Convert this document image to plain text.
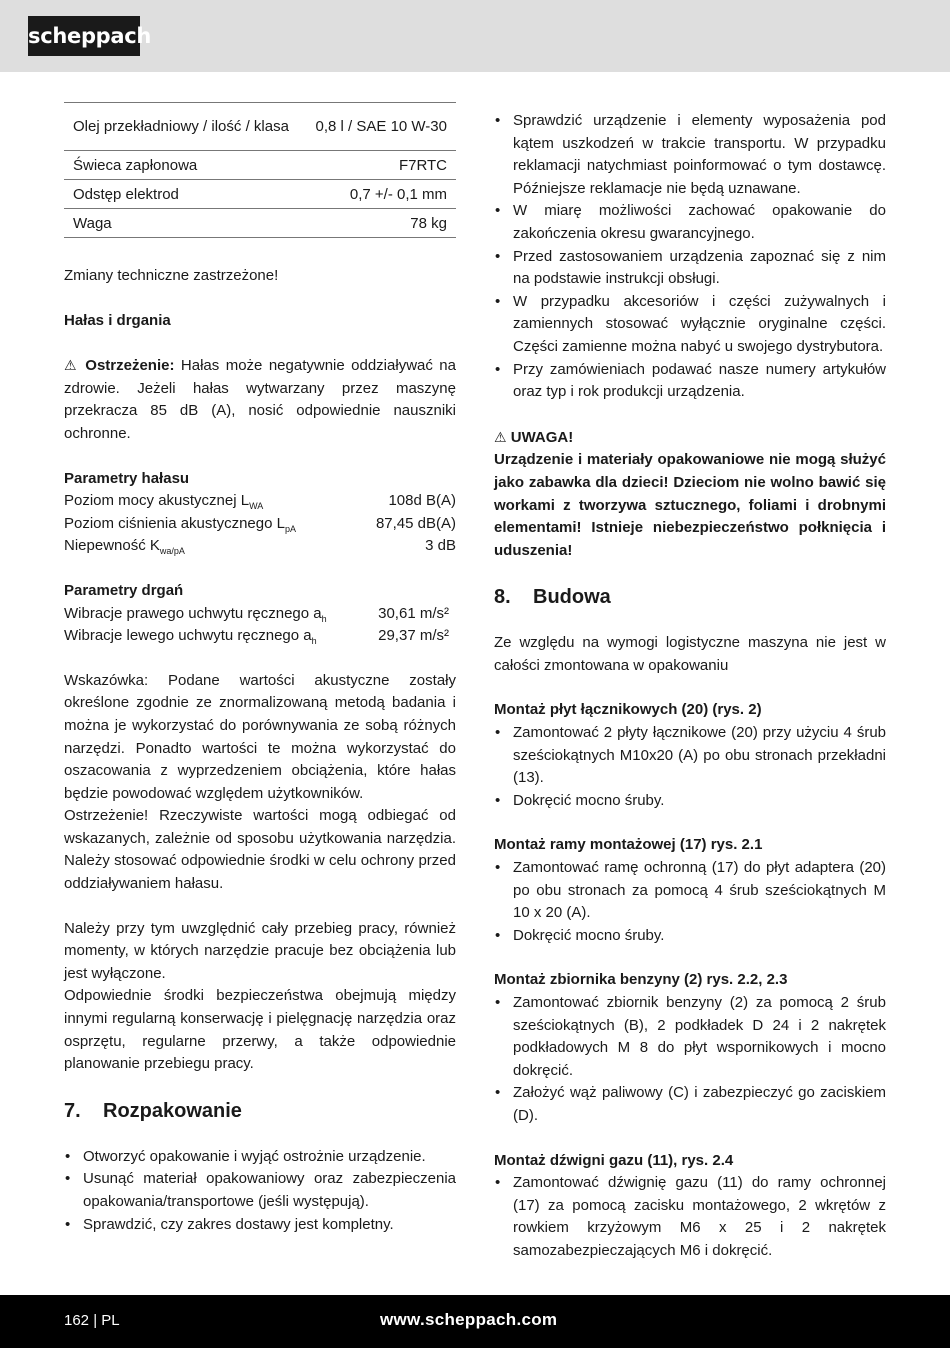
scheppach
Olej przekładniowy / ilość / klasa	0,8 l / SAE 10 W-30
Świeca zapłonowa	F7RTC
Odstęp elektrod	0,7 +/- 0,1 mm
Waga	78 kg

Zmiany techniczne zastrzeżone!

Hałas i drgania

⚠ Ostrzeżenie: Hałas może negatywnie oddziaływać na zdrowie. Jeżeli hałas wytwarzany przez maszynę przekracza 85 dB (A), nosić odpowiednie nauszniki ochronne.

Parametry hałasu

Poziom mocy akustycznej $L_{WA}$	108d B(A)
Poziom ciśnienia akustycznego $L_{pA}$	87,45 dB(A)
Niepewność $K_{wa/pA}$	3 dB

Parametry drgań

Wibracje prawego uchwytu ręcznego $a_h$	30,61 m/s²
Wibracje lewego uchwytu ręcznego $a_h$	29,37 m/s²

Wskazówka: Podane wartości akustyczne zostały określone zgodnie ze znormalizowaną metodą badania i można je wykorzystać do porównywania ze sobą różnych narzędzi. Ponadto wartości te można wykorzystać do oszacowania z wyprzedzeniem obciążenia, które hałas będzie powodować względem użytkowników.

Ostrzeżenie! Rzeczywiste wartości mogą odbiegać od wskazanych, zależnie od sposobu użytkowania narzędzia. Należy stosować odpowiednie środki w celu ochrony przed oddziaływaniem hałasu.

Należy przy tym uwzględnić cały przebieg pracy, również momenty, w których narzędzie pracuje bez obciążenia lub jest wyłączone.

Odpowiednie środki bezpieczeństwa obejmują między innymi regularną konserwację i pielęgnację narzędzia oraz osprzętu, regularne przerwy, a także odpowiednie planowanie przebiegu pracy.

7. Rozpakowanie
• Otworzyć opakowanie i wyjąć ostrożnie urządzenie.
• Usunąć materiał opakowaniowy oraz zabezpieczenia opakowania/transportowe (jeśli występują).
• Sprawdzić, czy zakres dostawy jest kompletny.
• Sprawdzić urządzenie i elementy wyposażenia pod kątem uszkodzeń w trakcie transportu. W przypadku reklamacji natychmiast poinformować o tym dostawcę. Późniejsze reklamacje nie będą uznawane.
• W miarę możliwości zachować opakowanie do zakończenia okresu gwarancyjnego.
• Przed zastosowaniem urządzenia zapoznać się z nim na podstawie instrukcji obsługi.
• W przypadku akcesoriów i części zużywalnych i zamiennych stosować wyłącznie oryginalne części. Części zamienne można nabyć u swojego dystrybutora.
• Przy zamówieniach podawać nasze numery artykułów oraz typ i rok produkcji urządzenia.

⚠ UWAGA!

Urządzenie i materiały opakowaniowe nie mogą służyć jako zabawka dla dzieci! Dzieciom nie wolno bawić się workami z tworzywa sztucznego, foliami i drobnymi elementami! Istnieje niebezpieczeństwo połknięcia i uduszenia!

8. Budowa

Ze względu na wymogi logistyczne maszyna nie jest w całości zmontowana w opakowaniu

Montaż płyt łącznikowych (20) (rys. 2)

• Zamontować 2 płyty łącznikowe (20) przy użyciu 4 śrub sześciokątnych M10x20 (A) po obu stronach przekładni (13).
• Dokręcić mocno śruby.

Montaż ramy montażowej (17) rys. 2.1

• Zamontować ramę ochronną (17) do płyt adaptera (20) po obu stronach za pomocą 4 śrub sześciokątnych M 10 x 20 (A).
• Dokręcić mocno śruby.

Montaż zbiornika benzyny (2) rys. 2.2, 2.3

• Zamontować zbiornik benzyny (2) za pomocą 2 śrub sześciokątnych (B), 2 podkładek D 24 i 2 nakrętek podkładowych M 8 do płyt wspornikowych i mocno dokręcić.
• Założyć wąż paliwowy (C) i zabezpieczyć go zaciskiem (D).

Montaż dźwigni gazu (11), rys. 2.4

• Zamontować dźwignię gazu (11) do ramy ochronnej (17) za pomocą zacisku montażowego, 2 wkrętów z rowkiem krzyżowym M6 x 25 i 2 nakrętek samozabezpieczających M6 i dokręcić.
162 | PL	www.scheppach.com
